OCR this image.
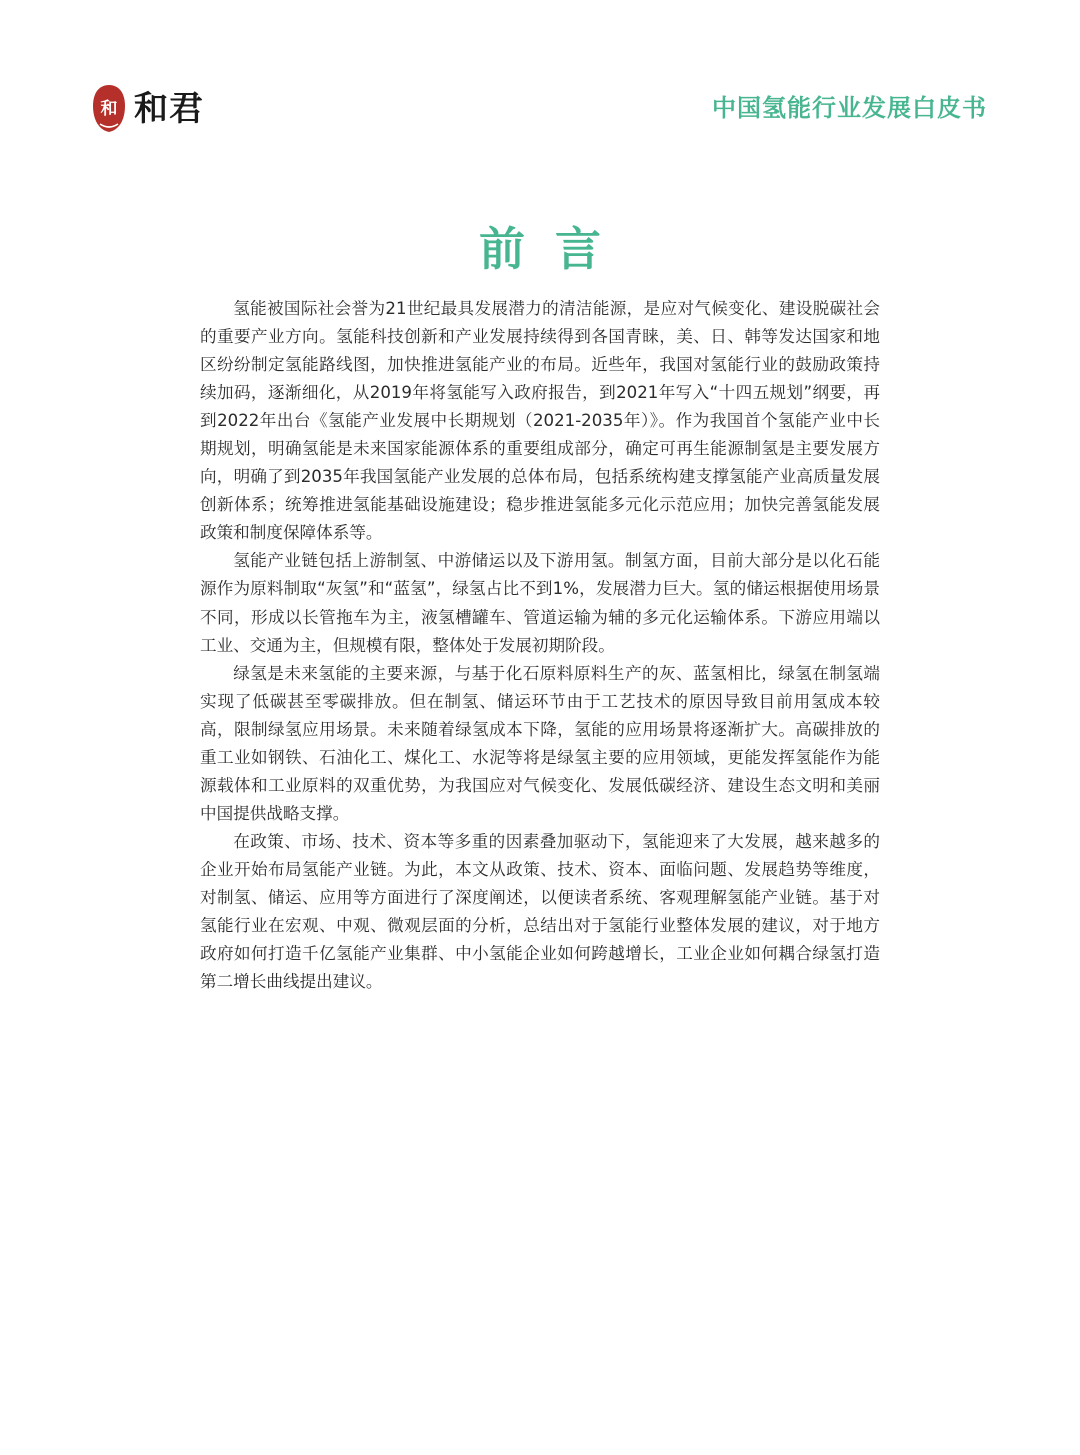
和 和君	中国氢能行业发展白皮书
前言

氢能被国际社会誉为21世纪最具发展潜力的清洁能源，是应对气候变化、建设脱碳社会的重要产业方向。氢能科技创新和产业发展持续得到各国青睐，美、日、韩等发达国家和地区纷纷制定氢能路线图，加快推进氢能产业的布局。近些年，我国对氢能行业的鼓励政策持续加码，逐渐细化，从2019年将氢能写入政府报告，到2021年写入“十四五规划”纲要，再到2022年出台《氢能产业发展中长期规划（2021-2035年）》。作为我国首个氢能产业中长期规划，明确氢能是未来国家能源体系的重要组成部分，确定可再生能源制氢是主要发展方向，明确了到2035年我国氢能产业发展的总体布局，包括系统构建支撑氢能产业高质量发展创新体系；统筹推进氢能基础设施建设；稳步推进氢能多元化示范应用；加快完善氢能发展政策和制度保障体系等。

氢能产业链包括上游制氢、中游储运以及下游用氢。制氢方面，目前大部分是以化石能源作为原料制取“灰氢”和“蓝氢”，绿氢占比不到1%，发展潜力巨大。氢的储运根据使用场景不同，形成以长管拖车为主，液氢槽罐车、管道运输为辅的多元化运输体系。下游应用端以工业、交通为主，但规模有限，整体处于发展初期阶段。

绿氢是未来氢能的主要来源，与基于化石原料原料生产的灰、蓝氢相比，绿氢在制氢端实现了低碳甚至零碳排放。但在制氢、储运环节由于工艺技术的原因导致目前用氢成本较高，限制绿氢应用场景。未来随着绿氢成本下降，氢能的应用场景将逐渐扩大。高碳排放的重工业如钢铁、石油化工、煤化工、水泥等将是绿氢主要的应用领域，更能发挥氢能作为能源载体和工业原料的双重优势，为我国应对气候变化、发展低碳经济、建设生态文明和美丽中国提供战略支撑。

在政策、市场、技术、资本等多重的因素叠加驱动下，氢能迎来了大发展，越来越多的企业开始布局氢能产业链。为此，本文从政策、技术、资本、面临问题、发展趋势等维度，对制氢、储运、应用等方面进行了深度阐述，以便读者系统、客观理解氢能产业链。基于对氢能行业在宏观、中观、微观层面的分析，总结出对于氢能行业整体发展的建议，对于地方政府如何打造千亿氢能产业集群、中小氢能企业如何跨越增长，工业企业如何耦合绿氢打造第二增长曲线提出建议。
